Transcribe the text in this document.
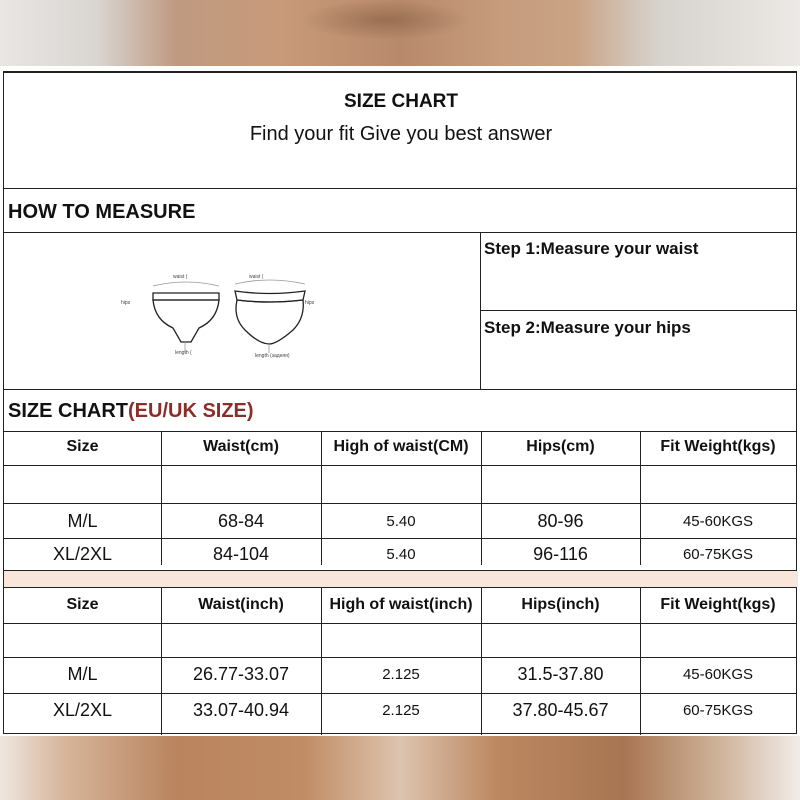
SIZE CHART
Find your fit Give you best answer
HOW TO MEASURE
Step 1:Measure your waist
Step 2:Measure your hips
waist (	waist (
hips	hips
length (	length (задняя)
SIZE CHART(EU/UK SIZE)
Size	Waist(cm)	High of waist(CM)	Hips(cm)	Fit Weight(kgs)
M/L	68-84	5.40	80-96	45-60KGS
XL/2XL	84-104	5.40	96-116	60-75KGS
Size	Waist(inch)	High of waist(inch)	Hips(inch)	Fit Weight(kgs)
M/L	26.77-33.07	2.125	31.5-37.80	45-60KGS
XL/2XL	33.07-40.94	2.125	37.80-45.67	60-75KGS
